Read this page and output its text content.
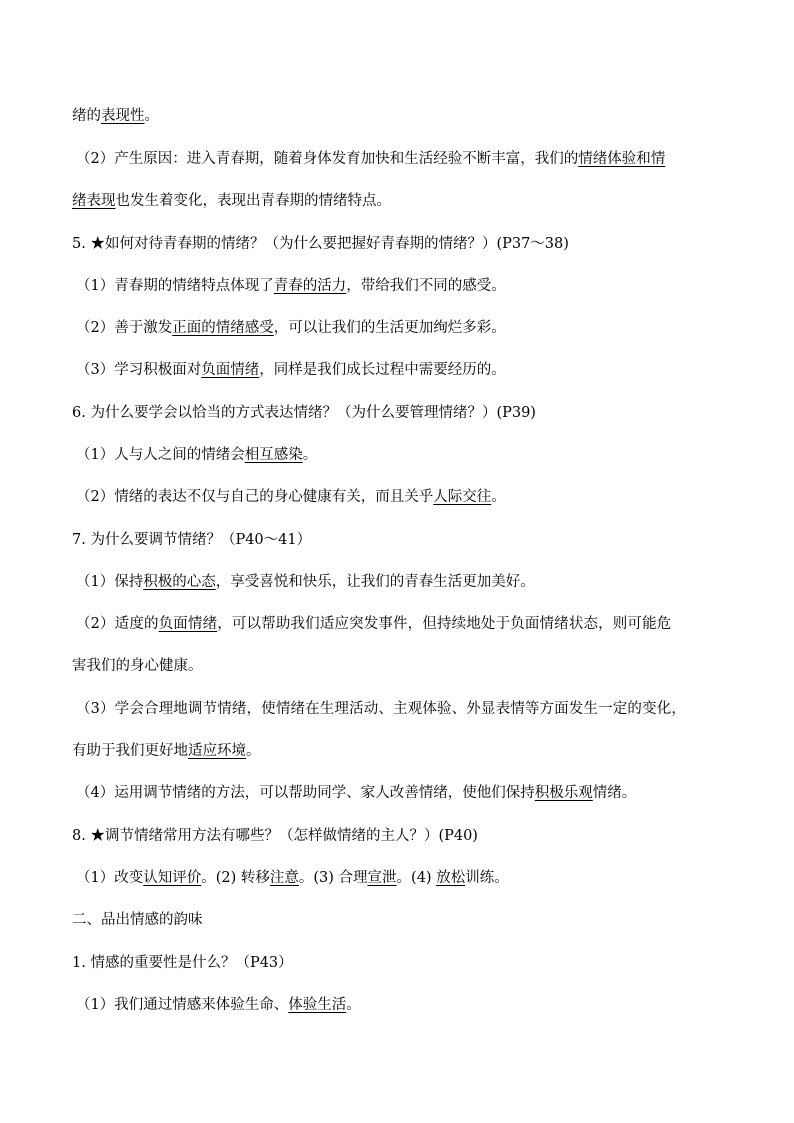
绪的表现性。
（2）产生原因：进入青春期，随着身体发育加快和生活经验不断丰富，我们的情绪体验和情
绪表现也发生着变化，表现出青春期的情绪特点。
5. ★如何对待青春期的情绪？（为什么要把握好青春期的情绪？）(P37～38)
（1）青春期的情绪特点体现了青春的活力，带给我们不同的感受。
（2）善于激发正面的情绪感受，可以让我们的生活更加绚烂多彩。
（3）学习积极面对负面情绪，同样是我们成长过程中需要经历的。
6. 为什么要学会以恰当的方式表达情绪？（为什么要管理情绪？）(P39)
（1）人与人之间的情绪会相互感染。
（2）情绪的表达不仅与自己的身心健康有关，而且关乎人际交往。
7. 为什么要调节情绪？（P40～41）
（1）保持积极的心态，享受喜悦和快乐，让我们的青春生活更加美好。
（2）适度的负面情绪，可以帮助我们适应突发事件，但持续地处于负面情绪状态，则可能危
害我们的身心健康。
（3）学会合理地调节情绪，使情绪在生理活动、主观体验、外显表情等方面发生一定的变化，
有助于我们更好地适应环境。
（4）运用调节情绪的方法，可以帮助同学、家人改善情绪，使他们保持积极乐观情绪。
8. ★调节情绪常用方法有哪些？（怎样做情绪的主人？）(P40)
（1）改变认知评价。(2) 转移注意。(3) 合理宣泄。(4) 放松训练。
二、品出情感的韵味
1. 情感的重要性是什么？（P43）
（1）我们通过情感来体验生命、体验生活。
